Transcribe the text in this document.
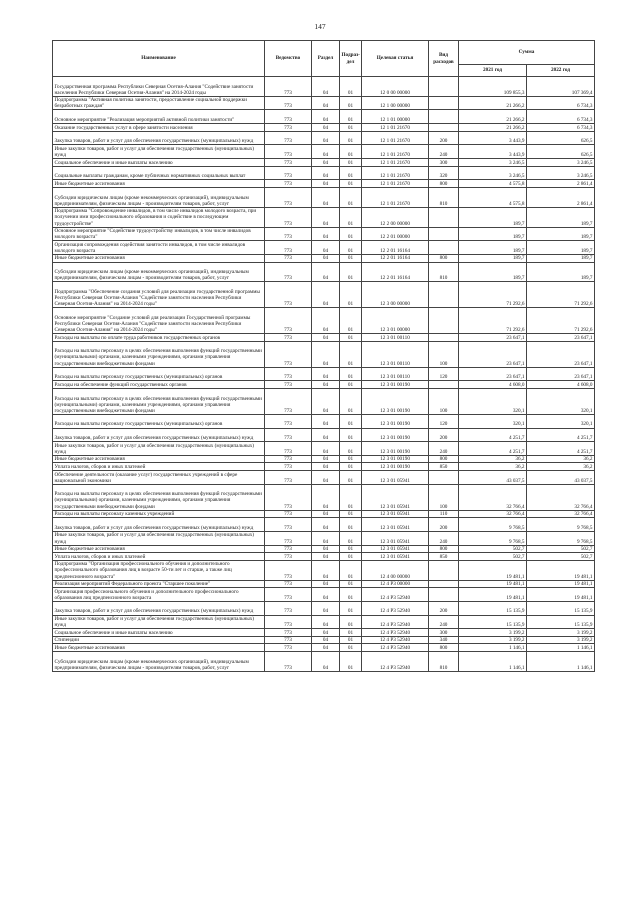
147
Наименование	Ведомство	Раздел	Подраз-дел	Целевая статья	Вид расходов	Сумма	
						2021 год	2022 год
Государственная программа Республики Северная Осетия-Алания "Содействие занятости населения Республики Северная Осетия-Алания" на 2014-2024 годы	773	04	01	12 0 00 00000		109 855,3	107 369,4
Подпрограмма "Активная политика занятости, предоставление социальной поддержки безработных граждан"	773	04	01	12 1 00 00000		21 266,2	6 734,3
Основное мероприятие "Реализация мероприятий активной политики занятости"	773	04	01	12 1 01 00000		21 266,2	6 734,3
Оказание государственных услуг в сфере занятости населения	773	04	01	12 1 01 21670		21 266,2	6 734,3
Закупка товаров, работ и услуг для обеспечения государственных (муниципальных) нужд	773	04	01	12 1 01 21670	200	3 443,9	626,5
Иные закупки товаров, работ и услуг для обеспечения государственных (муниципальных) нужд	773	04	01	12 1 01 21670	240	3 443,9	626,5
Социальное обеспечение и иные выплаты населению	773	04	01	12 1 01 21670	300	3 246,5	3 246,5
Социальные выплаты гражданам, кроме публичных нормативных социальных выплат	773	04	01	12 1 01 21670	320	3 246,5	3 246,5
Иные бюджетные ассигнования	773	04	01	12 1 01 21670	800	4 575,8	2 861,4
Субсидии юридическим лицам (кроме некоммерческих организаций), индивидуальным предпринимателям, физическим лицам - производителям товаров, работ, услуг	773	04	01	12 1 01 21670	810	4 575,8	2 861,4
Подпрограмма "Сопровождение инвалидов, в том числе инвалидов молодого возраста, при получении ими профессионального образования и содействие в последующем трудоустройстве"	773	04	01	12 2 00 00000		189,7	189,7
Основное мероприятие "Содействие трудоустройству инвалидов, в том числе инвалидов молодого возраста"	773	04	01	12 2 01 00000		189,7	189,7
Организация сопровождения содействия занятости инвалидов, в том числе инвалидов молодого возраста	773	04	01	12 2 01 16164		189,7	189,7
Иные бюджетные ассигнования	773	04	01	12 2 01 16164	800	189,7	189,7
Субсидии юридическим лицам (кроме некоммерческих организаций), индивидуальным предпринимателям, физическим лицам - производителям товаров, работ, услуг	773	04	01	12 2 01 16164	810	189,7	189,7
Подпрограмма "Обеспечение создания условий для реализации государственной программы Республики Северная Осетия-Алания "Содействие занятости населения Республики Северная Осетия-Алания" на 2014-2024 годы"	773	04	01	12 3 00 00000		71 292,6	71 292,6
Основное мероприятие "Создание условий для реализации Государственной программы Республики Северная Осетия-Алания "Содействие занятости населения Республики Северная Осетия-Алания" на 2014-2024 годы"	773	04	01	12 3 01 00000		71 292,6	71 292,6
Расходы на выплаты по оплате труда работников государственных органов	773	04	01	12 3 01 00110		23 647,1	23 647,1
Расходы на выплаты персоналу в целях обеспечения выполнения функций государственными (муниципальными) органами, казенными учреждениями, органами управления государственными внебюджетными фондами	773	04	01	12 3 01 00110	100	23 647,1	23 647,1
Расходы на выплаты персоналу государственных (муниципальных) органов	773	04	01	12 3 01 00110	120	23 647,1	23 647,1
Расходы на обеспечение функций государственных органов	773	04	01	12 3 01 00190		4 608,0	4 608,0
Расходы на выплаты персоналу в целях обеспечения выполнения функций государственными (муниципальными) органами, казенными учреждениями, органами управления государственными внебюджетными фондами	773	04	01	12 3 01 00190	100	320,1	320,1
Расходы на выплаты персоналу государственных (муниципальных) органов	773	04	01	12 3 01 00190	120	320,1	320,1
Закупка товаров, работ и услуг для обеспечения государственных (муниципальных) нужд	773	04	01	12 3 01 00190	200	4 251,7	4 251,7
Иные закупки товаров, работ и услуг для обеспечения государственных (муниципальных) нужд	773	04	01	12 3 01 00190	240	4 251,7	4 251,7
Иные бюджетные ассигнования	773	04	01	12 3 01 00190	800	36,2	36,2
Уплата налогов, сборов и иных платежей	773	04	01	12 3 01 00190	850	36,2	36,2
Обеспечение деятельности (оказание услуг) государственных учреждений в сфере национальной экономики	773	04	01	12 3 01 05941		43 037,5	43 037,5
Расходы на выплаты персоналу в целях обеспечения выполнения функций государственными (муниципальными) органами, казенными учреждениями, органами управления государственными внебюджетными фондами	773	04	01	12 3 01 05941	100	32 766,4	32 766,4
Расходы на выплаты персоналу казенных учреждений	773	04	01	12 3 01 05941	110	32 766,4	32 766,4
Закупка товаров, работ и услуг для обеспечения государственных (муниципальных) нужд	773	04	01	12 3 01 05941	200	9 768,5	9 768,5
Иные закупки товаров, работ и услуг для обеспечения государственных (муниципальных) нужд	773	04	01	12 3 01 05941	240	9 768,5	9 768,5
Иные бюджетные ассигнования	773	04	01	12 3 01 05941	800	502,7	502,7
Уплата налогов, сборов и иных платежей	773	04	01	12 3 01 05941	850	502,7	502,7
Подпрограмма "Организация профессионального обучения и дополнительного профессионального образования лиц в возрасте 50-ти лет и старше, а также лиц предпенсионного возраста"	773	04	01	12 4 00 00000		19 481,1	19 481,1
Реализация мероприятий Федерального проекта "Старшее поколение"	773	04	01	12 4 P3 00000		19 481,1	19 481,1
Организация профессионального обучения и дополнительного профессионального образования лиц предпенсионного возраста	773	04	01	12 4 P3 52940		19 481,1	19 481,1
Закупка товаров, работ и услуг для обеспечения государственных (муниципальных) нужд	773	04	01	12 4 P3 52940	200	15 135,9	15 135,9
Иные закупки товаров, работ и услуг для обеспечения государственных (муниципальных) нужд	773	04	01	12 4 P3 52940	240	15 135,9	15 135,9
Социальное обеспечение и иные выплаты населению	773	04	01	12 4 P3 52940	300	3 199,2	3 199,2
Стипендии	773	04	01	12 4 P3 52940	340	3 199,2	3 199,2
Иные бюджетные ассигнования	773	04	01	12 4 P3 52940	800	1 146,1	1 146,1
Субсидии юридическим лицам (кроме некоммерческих организаций), индивидуальным предпринимателям, физическим лицам - производителям товаров, работ, услуг	773	04	01	12 4 P3 52940	810	1 146,1	1 146,1
